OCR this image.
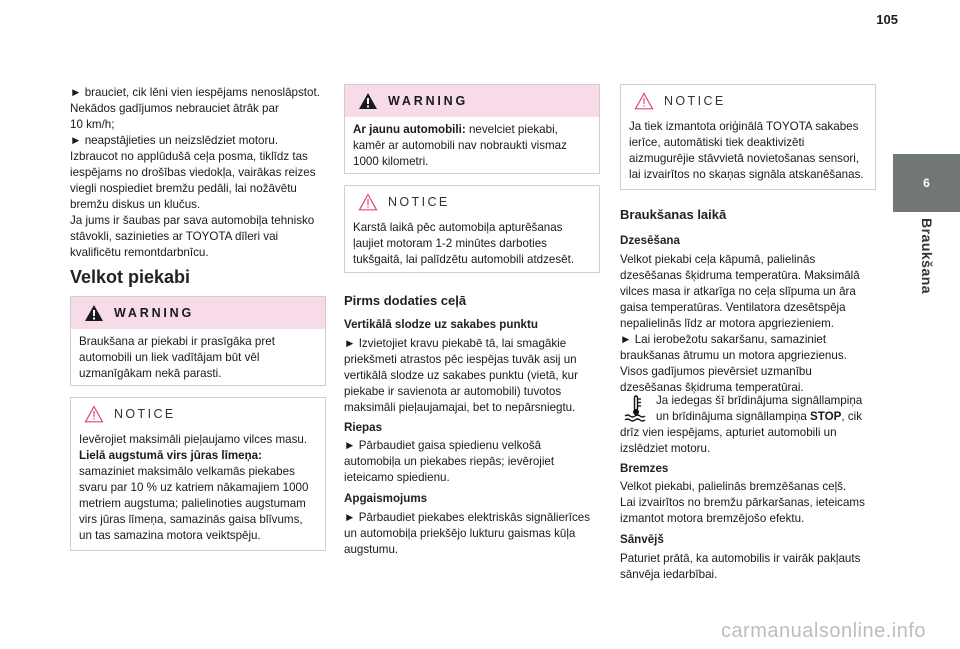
105
6
Braukšana

► brauciet, cik lēni vien iespējams nenoslāpstot.
Nekādos gadījumos nebrauciet ātrāk par
10 km/h;
► neapstājieties un neizslēdziet motoru.
Izbraucot no applūdušā ceļa posma, tiklīdz tas
iespējams no drošības viedokļa, vairākas reizes
viegli nospiediet bremžu pedāli, lai nožāvētu
bremžu diskus un klučus.
Ja jums ir šaubas par sava automobiļa tehnisko
stāvokli, sazinieties ar TOYOTA dīleri vai
kvalificētu remontdarbnīcu.

Velkot piekabi
WARNING
Braukšana ar piekabi ir prasīgāka pret
automobili un liek vadītājam būt vēl
uzmanīgākam nekā parasti.
NOTICE
Ievērojiet maksimāli pieļaujamo vilces masu.
Lielā augstumā virs jūras līmeņa:
samaziniet maksimālo velkamās piekabes
svaru par 10 % uz katriem nākamajiem 1000
metriem augstuma; palielinoties augstumam
virs jūras līmeņa, samazinās gaisa blīvums,
un tas samazina motora veiktspēju.
WARNING
Ar jaunu automobili: nevelciet piekabi,
kamēr ar automobili nav nobraukti vismaz
1000 kilometri.
NOTICE
Karstā laikā pēc automobiļa apturēšanas
ļaujiet motoram 1-2 minūtes darboties
tukšgaitā, lai palīdzētu automobili atdzesēt.
Pirms dodaties ceļā
Vertikālā slodze uz sakabes punktu

► Izvietojiet kravu piekabē tā, lai smagākie
priekšmeti atrastos pēc iespējas tuvāk asij un
vertikālā slodze uz sakabes punktu (vietā, kur
piekabe ir savienota ar automobili) tuvotos
maksimāli pieļaujamajai, bet to nepārsniegtu.

Riepas

► Pārbaudiet gaisa spiedienu velkošā
automobiļa un piekabes riepās; ievērojiet
ieteicamo spiedienu.

Apgaismojums

► Pārbaudiet piekabes elektriskās signālierīces
un automobiļa priekšējo lukturu gaismas kūļa
augstumu.

NOTICE
Ja tiek izmantota oriģinālā TOYOTA sakabes
ierīce, automātiski tiek deaktivizēti
aizmugurējie stāvvietā novietošanas sensori,
lai izvairītos no skaņas signāla atskanēšanas.
Braukšanas laikā
Dzesēšana

Velkot piekabi ceļa kāpumā, palielinās
dzesēšanas šķidruma temperatūra. Maksimālā
vilces masa ir atkarīga no ceļa slīpuma un āra
gaisa temperatūras. Ventilatora dzesētspēja
nepalielinās līdz ar motora apgriezieniem.
► Lai ierobežotu sakaršanu, samaziniet
braukšanas ātrumu un motora apgriezienus.
Visos gadījumos pievērsiet uzmanību
dzesēšanas šķidruma temperatūrai.

Ja iedegas šī brīdinājuma signāllampiņa

un brīdinājuma signāllampiņa STOP, cik

drīz vien iespējams, apturiet automobili un
izslēdziet motoru.

Bremzes

Velkot piekabi, palielinās bremzēšanas ceļš.
Lai izvairītos no bremžu pārkaršanas, ieteicams
izmantot motora bremzējošo efektu.

Sānvējš

Paturiet prātā, ka automobilis ir vairāk pakļauts
sānvēja iedarbībai.

carmanualsonline.info
